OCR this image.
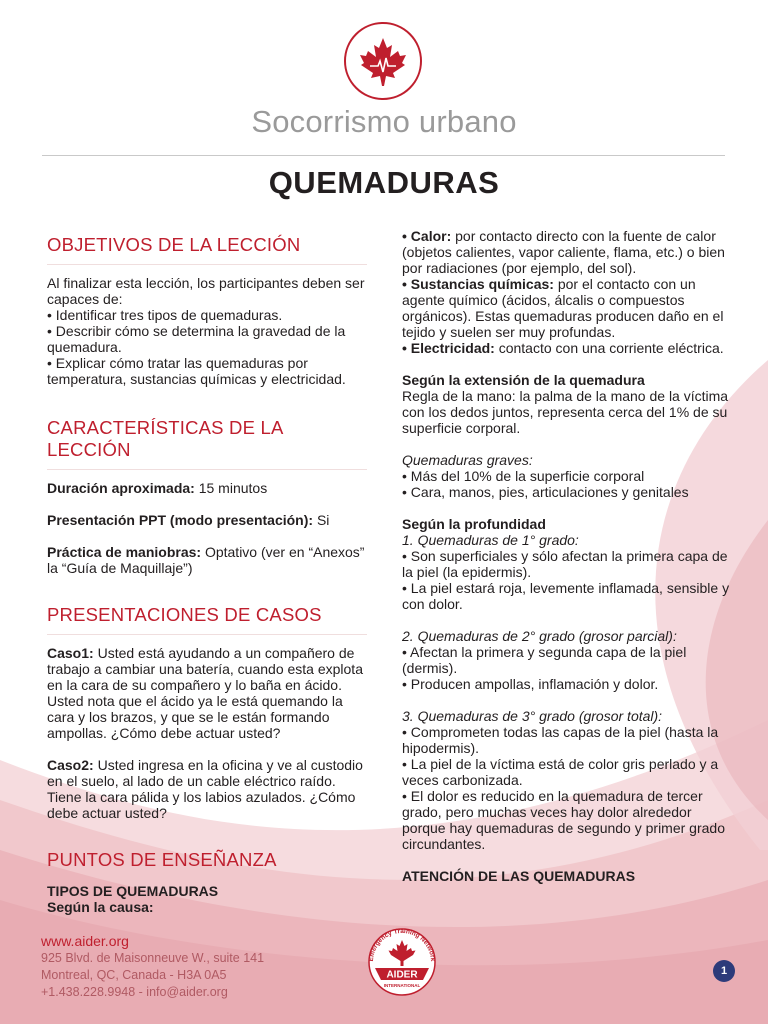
Socorrismo urbano
QUEMADURAS
OBJETIVOS DE LA LECCIÓN

Al finalizar esta lección, los participantes deben ser capaces de:

• Identificar tres tipos de quemaduras.

• Describir cómo se determina la gravedad de la quemadura.

• Explicar cómo tratar las quemaduras por temperatura, sustancias químicas y electricidad.

CARACTERÍSTICAS DE LA LECCIÓN

Duración aproximada: 15 minutos

Presentación PPT (modo presentación): Si

Práctica de maniobras: Optativo (ver en “Anexos” la “Guía de Maquillaje”)

PRESENTACIONES DE CASOS

Caso1: Usted está ayudando a un compañero de trabajo a cambiar una batería, cuando esta explota en la cara de su compañero y lo baña en ácido. Usted nota que el ácido ya le está quemando la cara y los brazos, y que se le están formando ampollas. ¿Cómo debe actuar usted?

Caso2: Usted ingresa en la oficina y ve al custodio en el suelo, al lado de un cable eléctrico raído. Tiene la cara pálida y los labios azulados. ¿Cómo debe actuar usted?

PUNTOS DE ENSEÑANZA

TIPOS DE QUEMADURAS

Según la causa:

• Calor: por contacto directo con la fuente de calor (objetos calientes, vapor caliente, flama, etc.) o bien por radiaciones (por ejemplo, del sol).

• Sustancias químicas: por el contacto con un agente químico (ácidos, álcalis o compuestos orgánicos). Estas quemaduras producen daño en el tejido y suelen ser muy profundas.

• Electricidad: contacto con una corriente eléctrica.

Según la extensión de la quemadura

Regla de la mano: la palma de la mano de la víctima con los dedos juntos, representa cerca del 1% de su superficie corporal.

Quemaduras graves:

• Más del 10% de la superficie corporal

• Cara, manos, pies, articulaciones y genitales

Según la profundidad

1. Quemaduras de 1° grado:

• Son superficiales y sólo afectan la primera capa de la piel (la epidermis).

• La piel estará roja, levemente inflamada, sensible y con dolor.

2. Quemaduras de 2° grado (grosor parcial):

• Afectan la primera y segunda capa de la piel (dermis).

• Producen ampollas, inflamación y dolor.

3. Quemaduras de 3° grado (grosor total):

• Comprometen todas las capas de la piel (hasta la hipodermis).

• La piel de la víctima está de color gris perlado y a veces carbonizada.

• El dolor es reducido en la quemadura de tercer grado, pero muchas veces hay dolor alrededor porque hay quemaduras de segundo y primer grado circundantes.

ATENCIÓN DE LAS QUEMADURAS

www.aider.org
925 Blvd. de Maisonneuve W., suite 141
Montreal, QC, Canada - H3A 0A5
+1.438.228.9948 - info@aider.org
Emergency Training Network
AIDER
INTERNATIONAL
1
